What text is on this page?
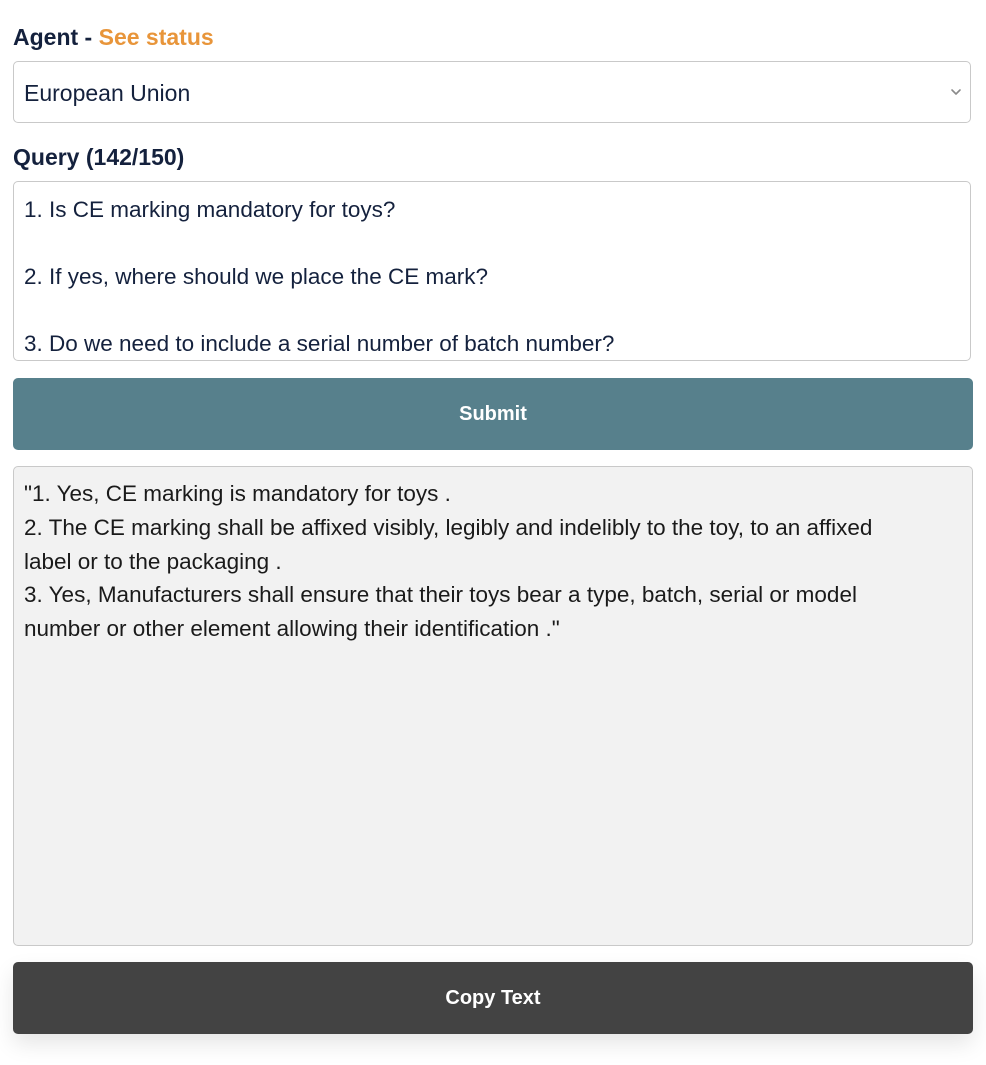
Agent - See status
European Union
Query (142/150)
1. Is CE marking mandatory for toys?
2. If yes, where should we place the CE mark?
3. Do we need to include a serial number of batch number?
Submit
"1. Yes, CE marking is mandatory for toys .
2. The CE marking shall be affixed visibly, legibly and indelibly to the toy, to an affixed
label or to the packaging .
3. Yes, Manufacturers shall ensure that their toys bear a type, batch, serial or model
number or other element allowing their identification ."
Copy Text
